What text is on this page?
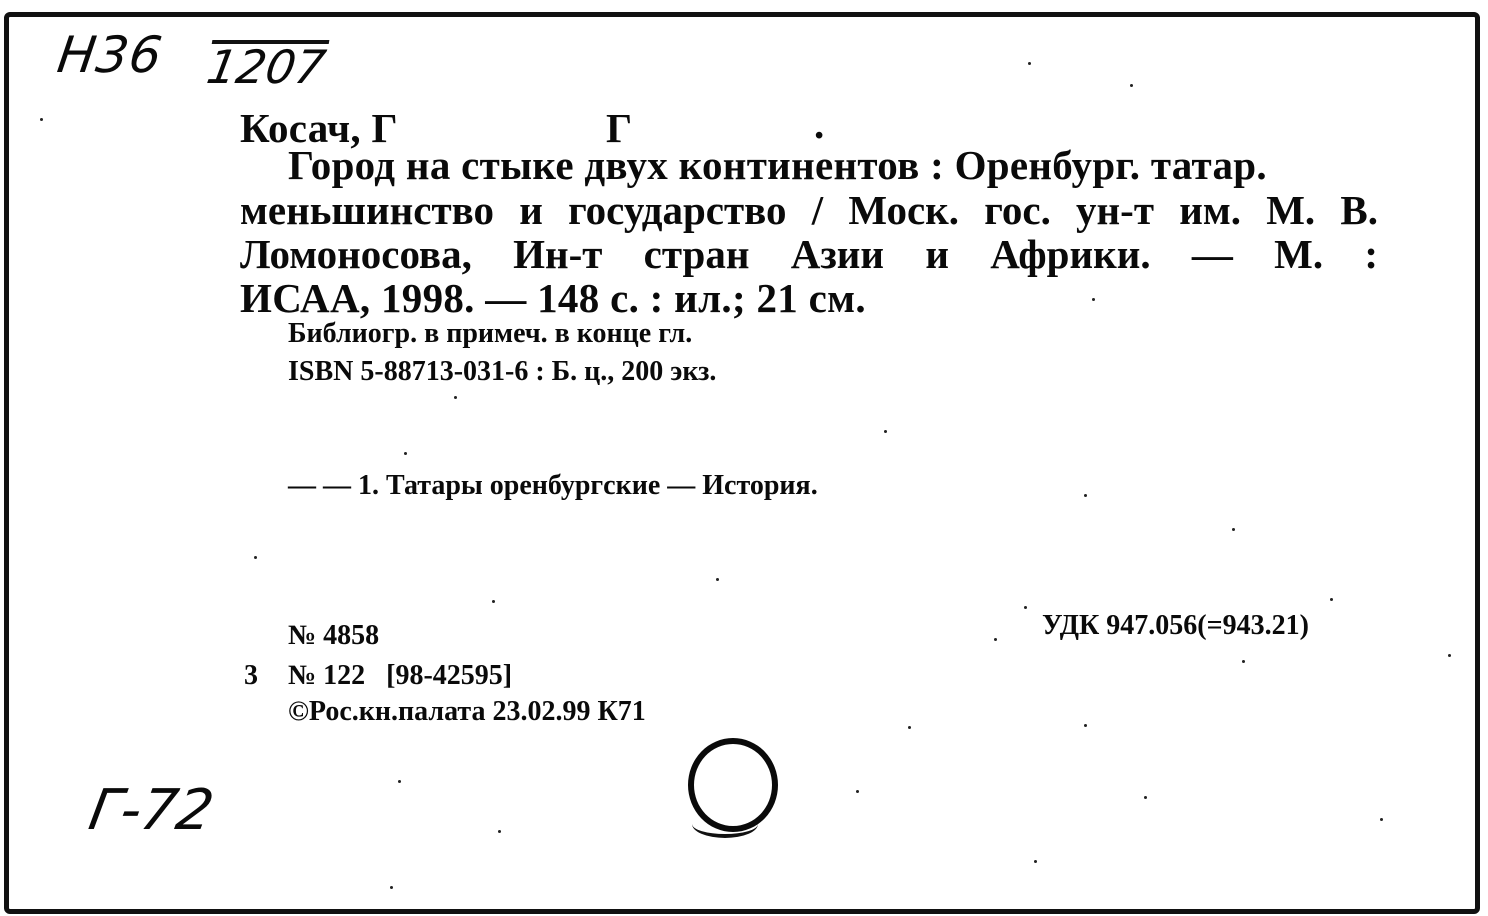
Н36 1207
Г-72
Косач, Г	Г	.
Город на стыке двух континентов : Оренбург. татар.
меньшинство и государство / Моск. гос. ун-т им. М. В.
Ломоносова, Ин-т стран Азии и Африки. — М. :
ИСАА, 1998. — 148 с. : ил.; 21 см.
Библиогр. в примеч. в конце гл.
ISBN 5-88713-031-6 : Б. ц., 200 экз.
— — 1. Татары оренбургские — История.
№ 4858	УДК 947.056(=943.21)
3 № 122   [98-42595]
©Рос.кн.палата 23.02.99 К71
